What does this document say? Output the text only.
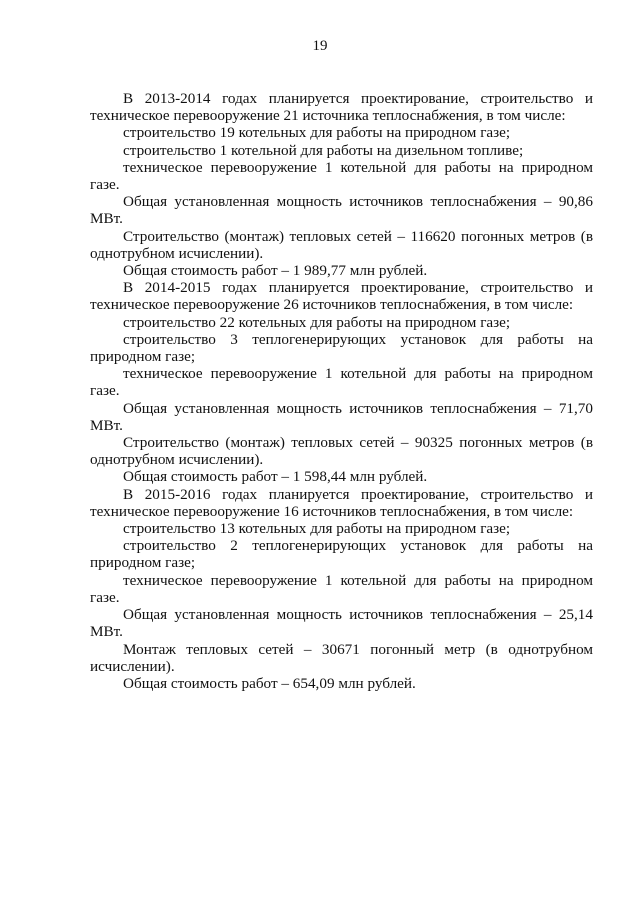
19

В 2013-2014 годах планируется проектирование, строительство и техническое перевооружение 21 источника теплоснабжения, в том числе:

строительство 19 котельных для работы на природном газе;

строительство 1 котельной для работы на дизельном топливе;

техническое перевооружение 1 котельной для работы на природном газе.

Общая установленная мощность источников теплоснабжения – 90,86 МВт.

Строительство (монтаж) тепловых сетей – 116620 погонных метров (в однотрубном исчислении).

Общая стоимость работ – 1 989,77 млн рублей.

В 2014-2015 годах планируется проектирование, строительство и техническое перевооружение 26 источников теплоснабжения, в том числе:

строительство 22 котельных для работы на природном газе;

строительство 3 теплогенерирующих установок для работы на природном газе;

техническое перевооружение 1 котельной для работы на природном газе.

Общая установленная мощность источников теплоснабжения – 71,70 МВт.

Строительство (монтаж) тепловых сетей – 90325 погонных метров (в однотрубном исчислении).

Общая стоимость работ – 1 598,44 млн рублей.

В 2015-2016 годах планируется проектирование, строительство и техническое перевооружение 16 источников теплоснабжения, в том числе:

строительство 13 котельных для работы на природном газе;

строительство 2 теплогенерирующих установок для работы на природном газе;

техническое перевооружение 1 котельной для работы на природном газе.

Общая установленная мощность источников теплоснабжения – 25,14 МВт.

Монтаж тепловых сетей – 30671 погонный метр (в однотрубном исчислении).

Общая стоимость работ – 654,09 млн рублей.
